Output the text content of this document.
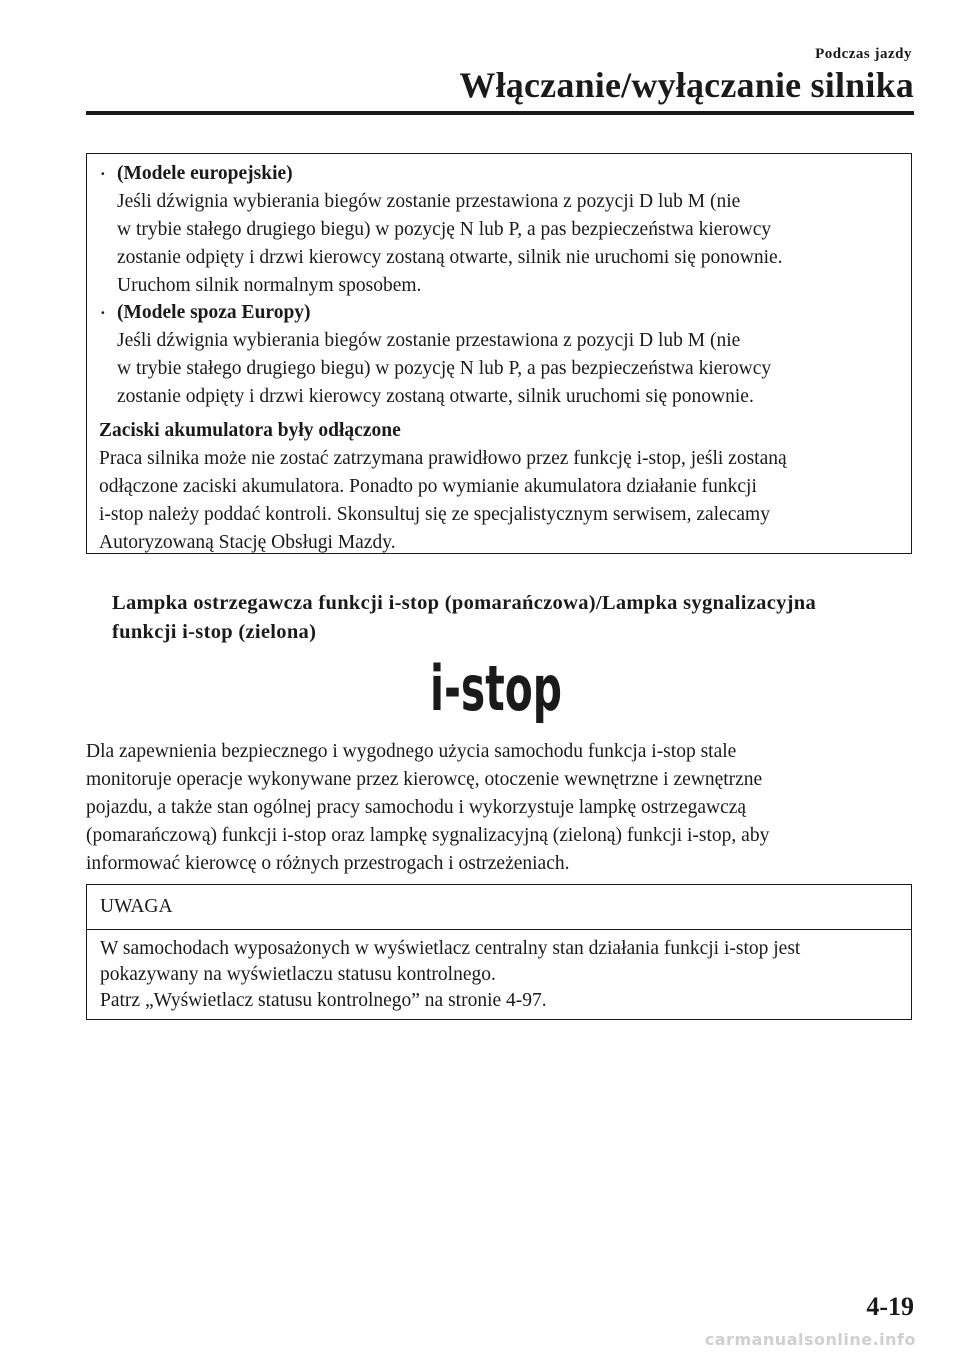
Podczas jazdy
Włączanie/wyłączanie silnika
· (Modele europejskie)
Jeśli dźwignia wybierania biegów zostanie przestawiona z pozycji D lub M (nie
w trybie stałego drugiego biegu) w pozycję N lub P, a pas bezpieczeństwa kierowcy
zostanie odpięty i drzwi kierowcy zostaną otwarte, silnik nie uruchomi się ponownie.
Uruchom silnik normalnym sposobem.
· (Modele spoza Europy)
Jeśli dźwignia wybierania biegów zostanie przestawiona z pozycji D lub M (nie
w trybie stałego drugiego biegu) w pozycję N lub P, a pas bezpieczeństwa kierowcy
zostanie odpięty i drzwi kierowcy zostaną otwarte, silnik uruchomi się ponownie.
Zaciski akumulatora były odłączone
Praca silnika może nie zostać zatrzymana prawidłowo przez funkcję i-stop, jeśli zostaną
odłączone zaciski akumulatora. Ponadto po wymianie akumulatora działanie funkcji
i-stop należy poddać kontroli. Skonsultuj się ze specjalistycznym serwisem, zalecamy
Autoryzowaną Stację Obsługi Mazdy.
Lampka ostrzegawcza funkcji i-stop (pomarańczowa)/Lampka sygnalizacyjna
funkcji i-stop (zielona)
i-stop
Dla zapewnienia bezpiecznego i wygodnego użycia samochodu funkcja i-stop stale
monitoruje operacje wykonywane przez kierowcę, otoczenie wewnętrzne i zewnętrzne
pojazdu, a także stan ogólnej pracy samochodu i wykorzystuje lampkę ostrzegawczą
(pomarańczową) funkcji i-stop oraz lampkę sygnalizacyjną (zieloną) funkcji i-stop, aby
informować kierowcę o różnych przestrogach i ostrzeżeniach.
UWAGA
W samochodach wyposażonych w wyświetlacz centralny stan działania funkcji i-stop jest
pokazywany na wyświetlaczu statusu kontrolnego.
Patrz „Wyświetlacz statusu kontrolnego” na stronie 4-97.
4-19
carmanualsonline.info
